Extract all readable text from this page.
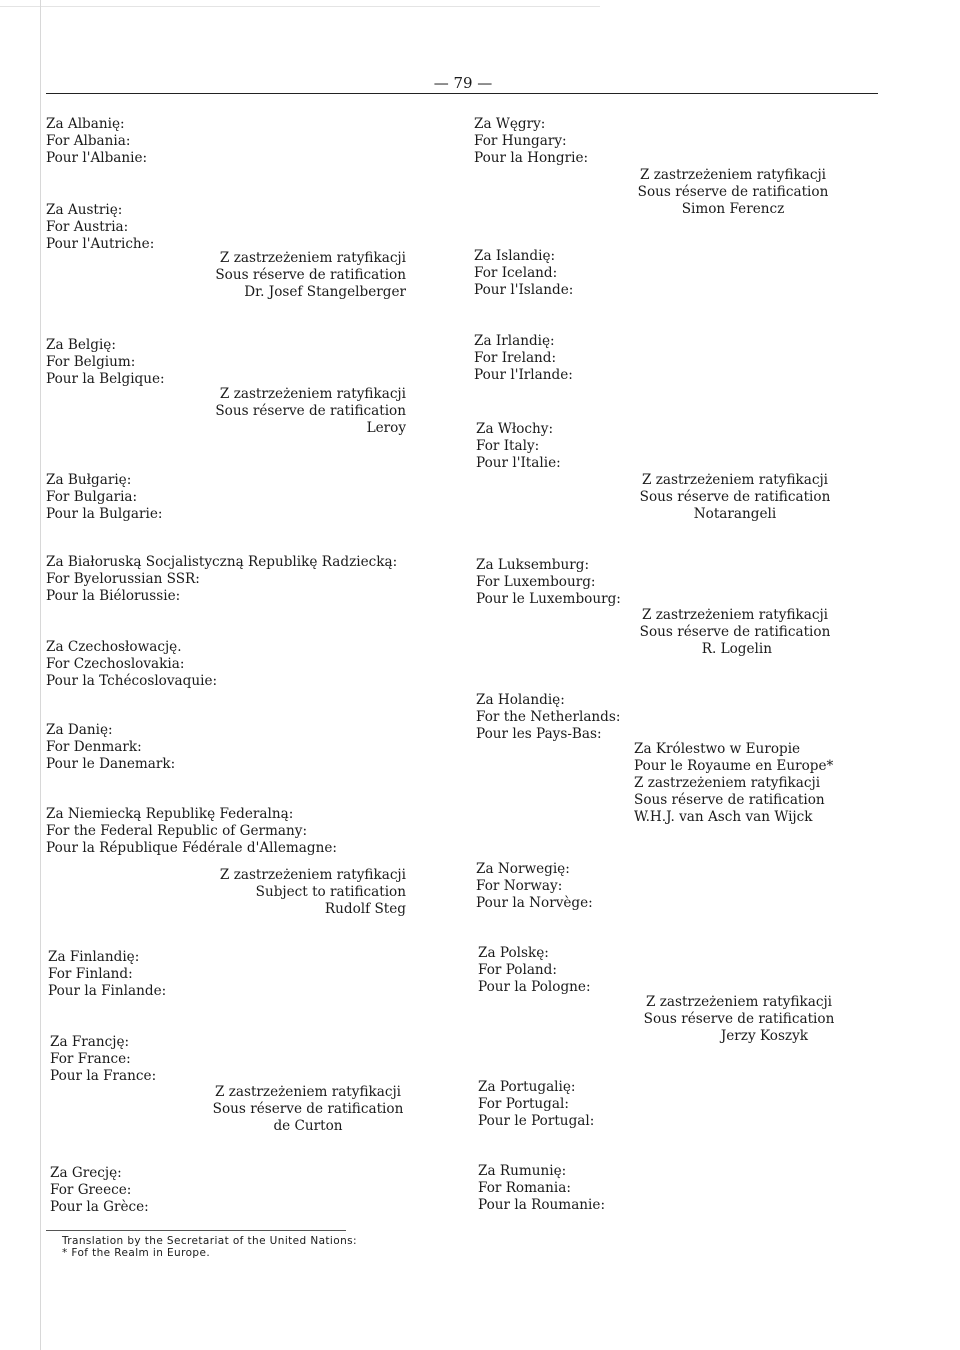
— 79 —
Za Albanię:
For Albania:
Pour l'Albanie:
Za Austrię:
For Austria:
Pour l'Autriche:
Z zastrzeżeniem ratyfikacji
Sous réserve de ratification
Dr. Josef Stangelberger
Za Belgię:
For Belgium:
Pour la Belgique:
Z zastrzeżeniem ratyfikacji
Sous réserve de ratification
Leroy
Za Bułgarię:
For Bulgaria:
Pour la Bulgarie:
Za Białoruską Socjalistyczną Republikę Radziecką:
For Byelorussian SSR:
Pour la Biélorussie:
Za Czechosłowację.
For Czechoslovakia:
Pour la Tchécoslovaquie:
Za Danię:
For Denmark:
Pour le Danemark:
Za Niemiecką Republikę Federalną:
For the Federal Republic of Germany:
Pour la République Fédérale d'Allemagne:
Z zastrzeżeniem ratyfikacji
Subject to ratification
Rudolf Steg
Za Finlandię:
For Finland:
Pour la Finlande:
Za Francję:
For France:
Pour la France:
Z zastrzeżeniem ratyfikacji
Sous réserve de ratification
de Curton
Za Grecję:
For Greece:
Pour la Grèce:
Za Węgry:
For Hungary:
Pour la Hongrie:
Z zastrzeżeniem ratyfikacji
Sous réserve de ratification
Simon Ferencz
Za Islandię:
For Iceland:
Pour l'Islande:
Za Irlandię:
For Ireland:
Pour l'Irlande:
Za Włochy:
For Italy:
Pour l'Italie:
Z zastrzeżeniem ratyfikacji
Sous réserve de ratification
Notarangeli
Za Luksemburg:
For Luxembourg:
Pour le Luxembourg:
Z zastrzeżeniem ratyfikacji
Sous réserve de ratification
R. Logelin
Za Holandię:
For the Netherlands:
Pour les Pays-Bas:
Za Królestwo w Europie
Pour le Royaume en Europe*
Z zastrzeżeniem ratyfikacji
Sous réserve de ratification
W.H.J. van Asch van Wijck
Za Norwegię:
For Norway:
Pour la Norvège:
Za Polskę:
For Poland:
Pour la Pologne:
Z zastrzeżeniem ratyfikacji
Sous réserve de ratification
Jerzy Koszyk
Za Portugalię:
For Portugal:
Pour le Portugal:
Za Rumunię:
For Romania:
Pour la Roumanie:
Translation by the Secretariat of the United Nations:
* Fof the Realm in Europe.
